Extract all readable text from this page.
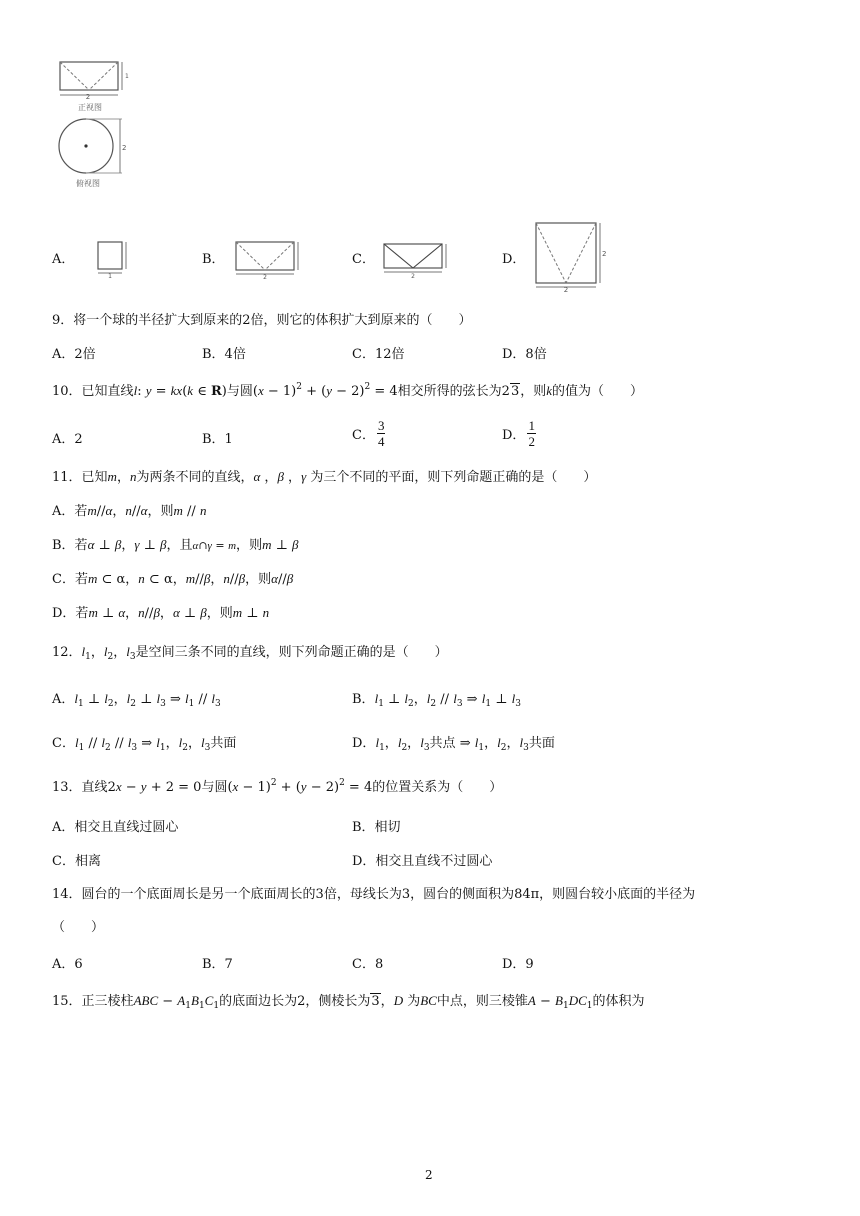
2
1
正视图
2
俯视图
A．
1
B．
2
C．
2
D．	2
2
9．将一个球的半径扩大到原来的2倍，则它的体积扩大到原来的（　　）
A．2倍	B．4倍	C．12倍	D．8倍
10．已知直线l: y = kx(k ∈ R)与圆$(x - 1)^2 + (y - 2)^2 = 4$相交所得的弦长为23，则k的值为（　　）
A．2	B．1	C． $\frac{3}{4}$	D． $\frac{1}{2}$
11．已知m，n为两条不同的直线，α ，β ，γ 为三个不同的平面，则下列命题正确的是（　　）
A．若m//α，n//α，则m // n
B．若α ⊥ β，γ ⊥ β，且α∩γ = m，则m ⊥ β
C．若m ⊂ α，n ⊂ α，m//β，n//β，则α//β
D．若m ⊥ α，n//β，α ⊥ β，则m ⊥ n
12．$l_1$，$l_2$，$l_3$是空间三条不同的直线，则下列命题正确的是（　　）
A．$l_1$ ⊥ $l_2$，$l_2$ ⊥ $l_3$ ⇒ $l_1 // l_3$	B．$l_1$ ⊥ $l_2$，$l_2 // l_3$ ⇒ $l_1$ ⊥ $l_3$
C．$l_1 // l_2 // l_3$ ⇒ $l_1$，$l_2$，$l_3$共面	D．$l_1$，$l_2$，$l_3$共点 ⇒ $l_1$，$l_2$，$l_3$共面
13．直线2x − y + 2 = 0与圆$(x - 1)^2 + (y - 2)^2 = 4$的位置关系为（　　）
A．相交且直线过圆心	B．相切
C．相离	D．相交且直线不过圆心
14．圆台的一个底面周长是另一个底面周长的3倍，母线长为3，圆台的侧面积为84π，则圆台较小底面的半径为
（　　）
A．6	B．7	C．8	D．9
15．正三棱柱ABC − $A_1B_1C_1$的底面边长为2，侧棱长为3，D 为BC中点，则三棱锥$A - B_1DC_1$的体积为
2
